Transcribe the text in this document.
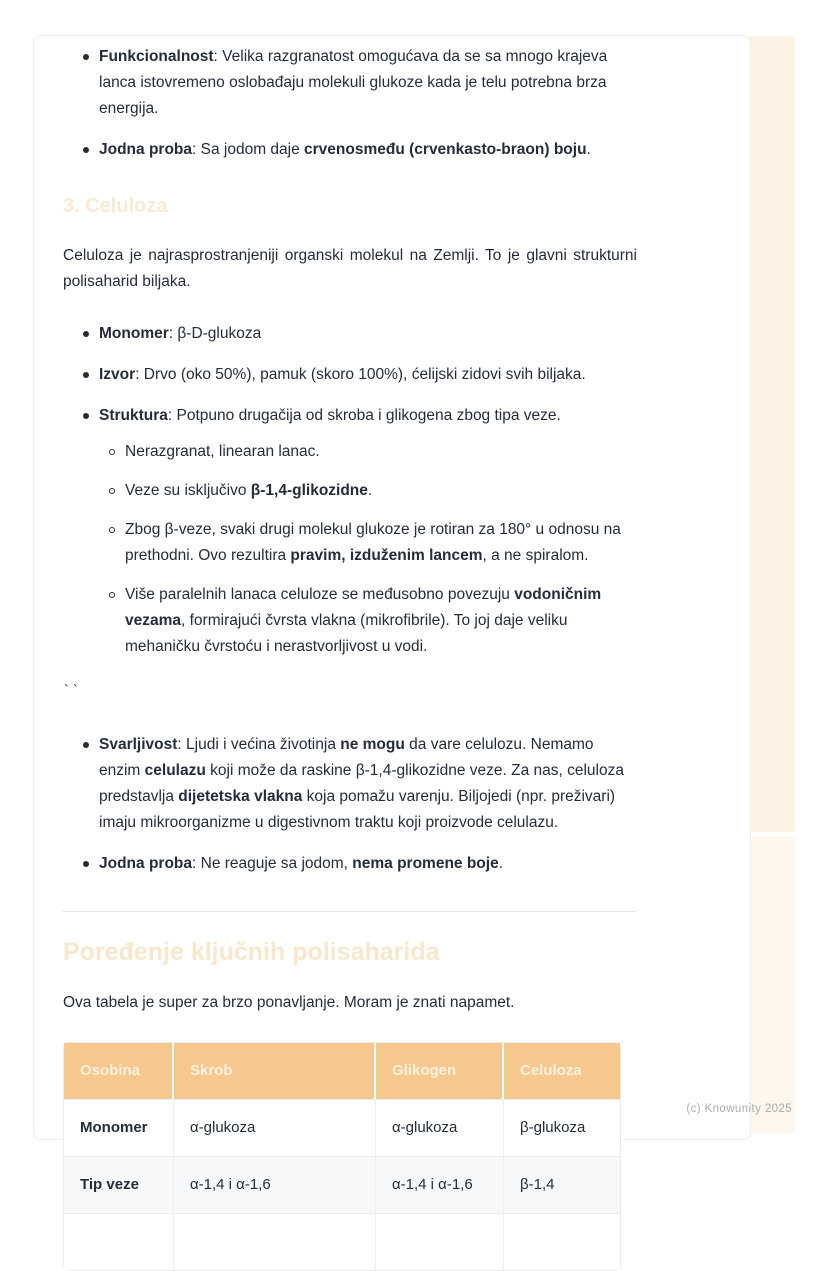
Funkcionalnost: Velika razgranatost omogućava da se sa mnogo krajeva lanca istovremeno oslobađaju molekuli glukoze kada je telu potrebna brza energija.
Jodna proba: Sa jodom daje crvenosmeđu (crvenkasto-braon) boju.
3. Celuloza

Celuloza je najrasprostranjeniji organski molekul na Zemlji. To je glavni strukturni polisaharid biljaka.

Monomer: β-D-glukoza
Izvor: Drvo (oko 50%), pamuk (skoro 100%), ćelijski zidovi svih biljaka.
Struktura: Potpuno drugačija od skroba i glikogena zbog tipa veze.
Nerazgranat, linearan lanac.
Veze su isključivo β-1,4-glikozidne.
Zbog β-veze, svaki drugi molekul glukoze je rotiran za 180° u odnosu na prethodni. Ovo rezultira pravim, izduženim lancem, a ne spiralom.
Više paralelnih lanaca celuloze se međusobno povezuju vodoničnim vezama, formirajući čvrsta vlakna (mikrofibrile). To joj daje veliku mehaničku čvrstoću i nerastvorljivost u vodi.
``
Svarljivost: Ljudi i većina životinja ne mogu da vare celulozu. Nemamo enzim celulazu koji može da raskine β-1,4-glikozidne veze. Za nas, celuloza predstavlja dijetetska vlakna koja pomažu varenju. Biljojedi (npr. preživari) imaju mikroorganizme u digestivnom traktu koji proizvode celulazu.
Jodna proba: Ne reaguje sa jodom, nema promene boje.
Poređenje ključnih polisaharida

Ova tabela je super za brzo ponavljanje. Moram je znati napamet.

Osobina	Skrob	Glikogen	Celuloza
Monomer	α-glukoza	α-glukoza	β-glukoza
Tip veze	α-1,4 i α-1,6	α-1,4 i α-1,6	β-1,4

(c) Knowunity 2025
